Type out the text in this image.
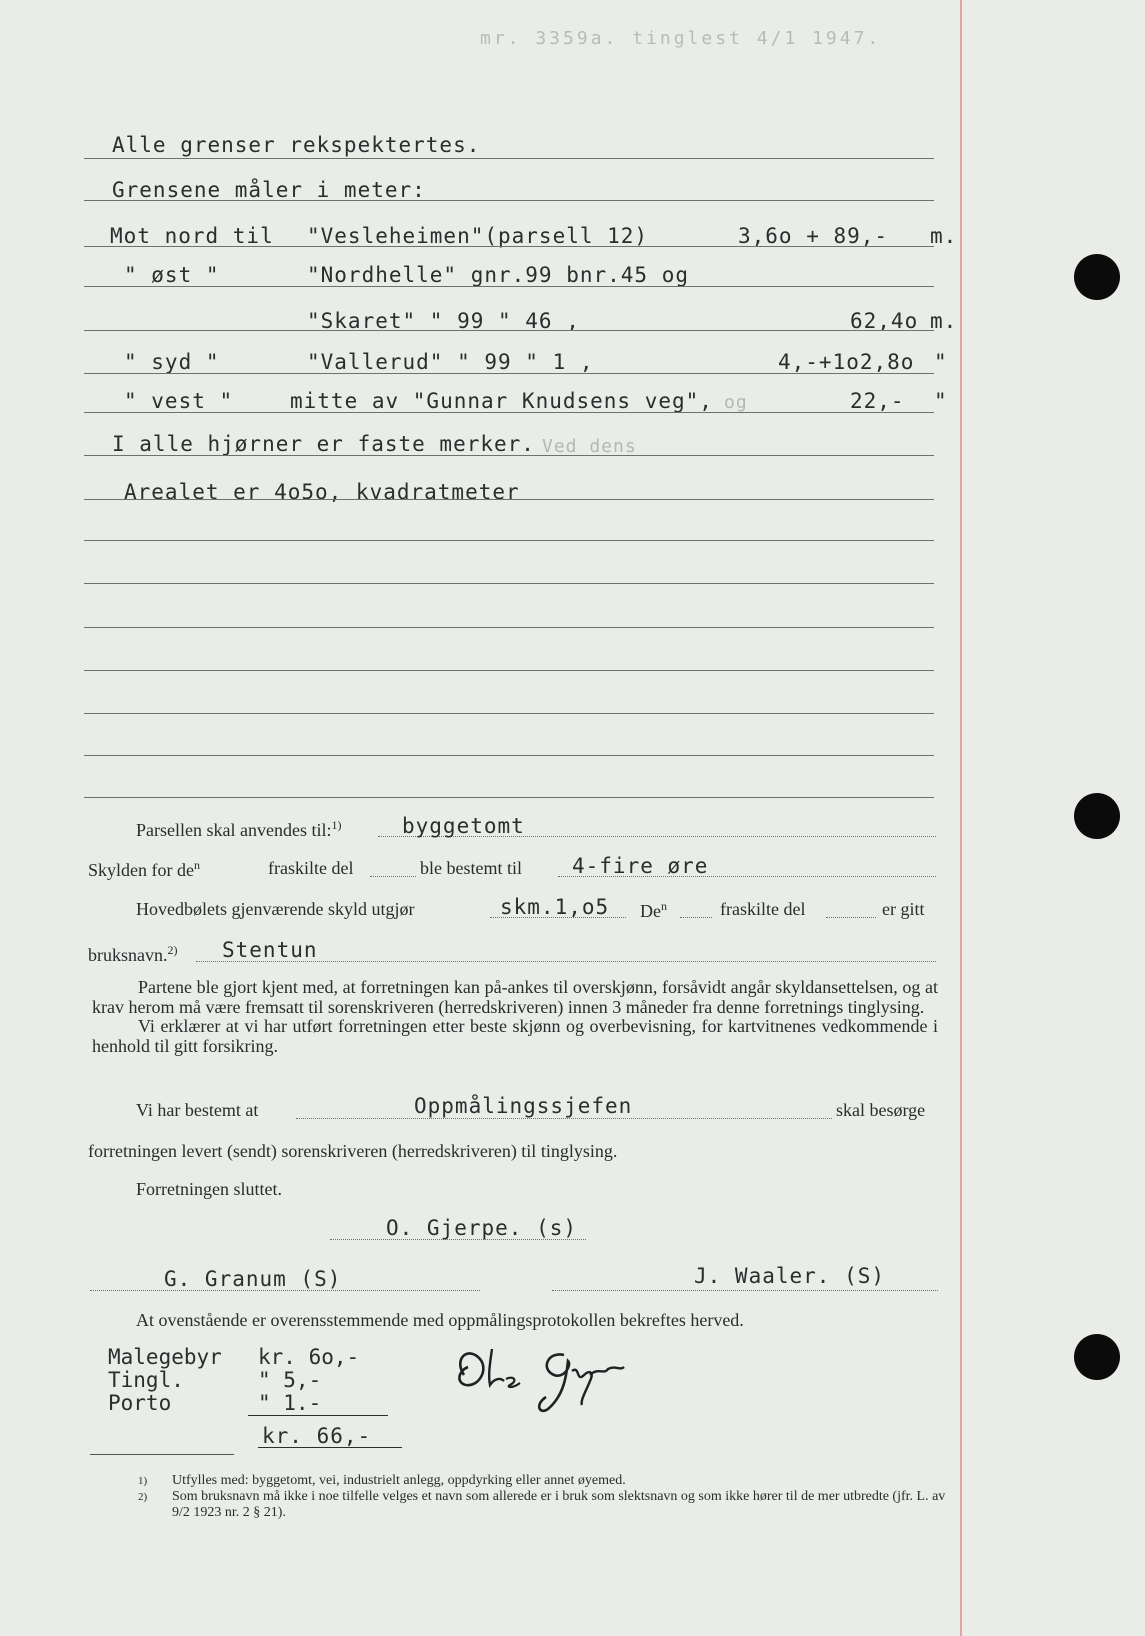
mr. 3359a. tinglest 4/1 1947.
Alle grenser rekspektertes.
Grensene måler i meter:
Mot nord til "Vesleheimen"(parsell 12)	3,6o + 89,- m.
" øst "	"Nordhelle" gnr.99 bnr.45 og
"Skaret" " 99 " 46 ,	62,4o m.
" syd "	"Vallerud" " 99 " 1 ,	4,-+1o2,8o "
" vest "	mitte av "Gunnar Knudsens veg", og	22,- "
I alle hjørner er faste merker. Ved dens
Arealet er 4o5o, kvadratmeter
Parsellen skal anvendes til:$^{1)}$	byggetomt
Skylden for $de^n$	fraskilte del	ble bestemt til 4-fire øre
Hovedbølets gjenværende skyld utgjør	skm.1,o5 De$^n$	fraskilte del	er gitt
bruksnavn.$^{2)}$ Stentun

Partene ble gjort kjent med, at forretningen kan på-ankes til overskjønn, forsåvidt angår skyldansettelsen, og at krav herom må være fremsatt til sorenskriveren (herredskriveren) innen 3 måneder fra denne forretnings tinglysing.

Vi erklærer at vi har utført forretningen etter beste skjønn og overbevisning, for kartvitnenes vedkommende i henhold til gitt forsikring.

Vi har bestemt at	Oppmålingssjefen	skal besørge
forretningen levert (sendt) sorenskriveren (herredskriveren) til tinglysing.
Forretningen sluttet.
O. Gjerpe. (s)
G. Granum (S)	J. Waaler. (S)
At ovenstående er overensstemmende med oppmålingsprotokollen bekreftes herved.
Malegebyr	kr. 6o,-
Tingl.	" 5,-
Porto	" 1.-
kr. 66,-

1) Utfylles med: byggetomt, vei, industrielt anlegg, oppdyrking eller annet øyemed.

2) Som bruksnavn må ikke i noe tilfelle velges et navn som allerede er i bruk som slektsnavn og som ikke hører til de mer utbredte (jfr. L. av 9/2 1923 nr. 2 § 21).
